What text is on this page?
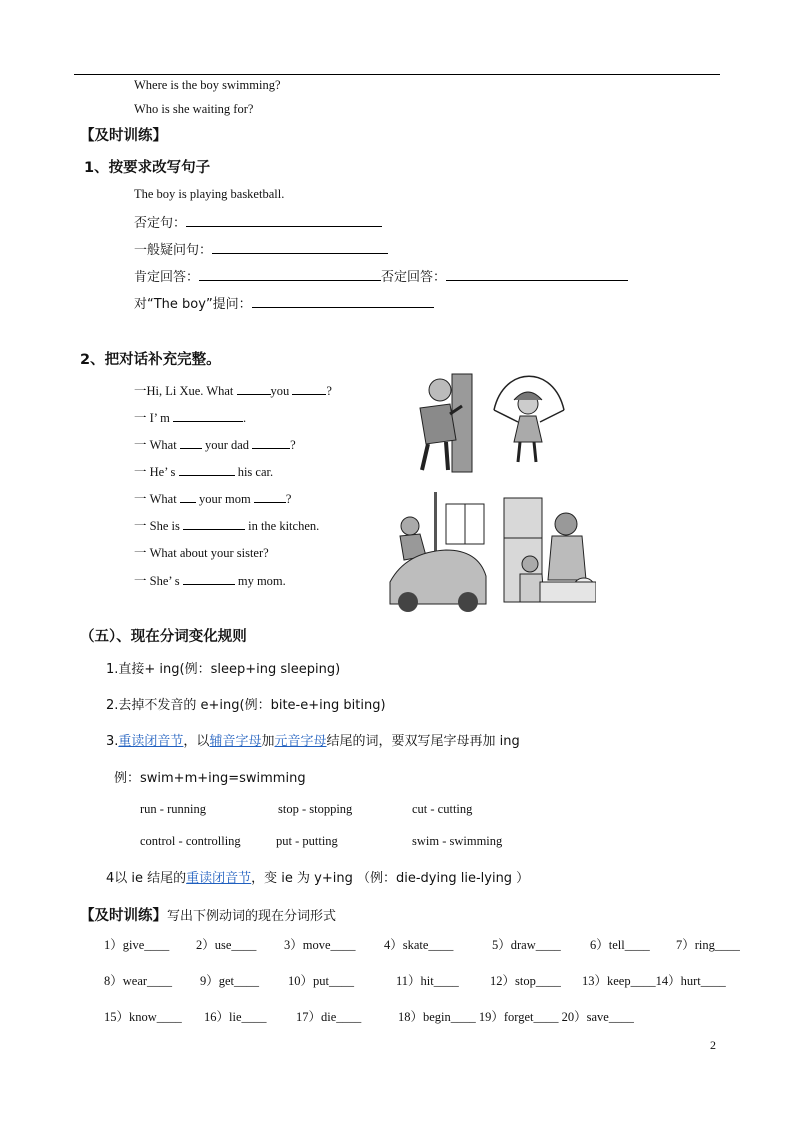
Where is the boy swimming?
Who is she waiting for?
【及时训练】
1、按要求改写句子
The boy is playing basketball.
否定句：
一般疑问句：
肯定回答：	否定回答：
对“The boy”提问：
2、把对话补充完整。
一Hi, Li Xue. What	you	?
一 I’ m	.
一 What  your dad	?
一 He’ s	his car.
一 What  your mom	?
一 She is	in the kitchen.
一 What about your sister?
一 She’ s	my mom.
（五）、现在分词变化规则
1.直接+ ing(例：sleep+ing sleeping)
2.去掉不发音的 e+ing(例：bite-e+ing biting)
3.重读闭音节，以辅音字母加元音字母结尾的词，要双写尾字母再加 ing
例：swim+m+ing=swimming
run - running	stop - stopping	cut - cutting
control - controlling	put - putting	swim - swimming
4以 ie 结尾的重读闭音节，变 ie 为 y+ing （例：die-dying lie-lying ）
【及时训练】写出下例动词的现在分词形式
1）give____ 2）use____ 3）move____ 4）skate____	5）draw____ 6）tell____ 7）ring____
8）wear____ 9）get____ 10）put____	11）hit____	12）stop____ 13）keep____14）hurt____
15）know____ 16）lie____ 17）die____	18）begin____ 19）forget____ 20）save____
2
